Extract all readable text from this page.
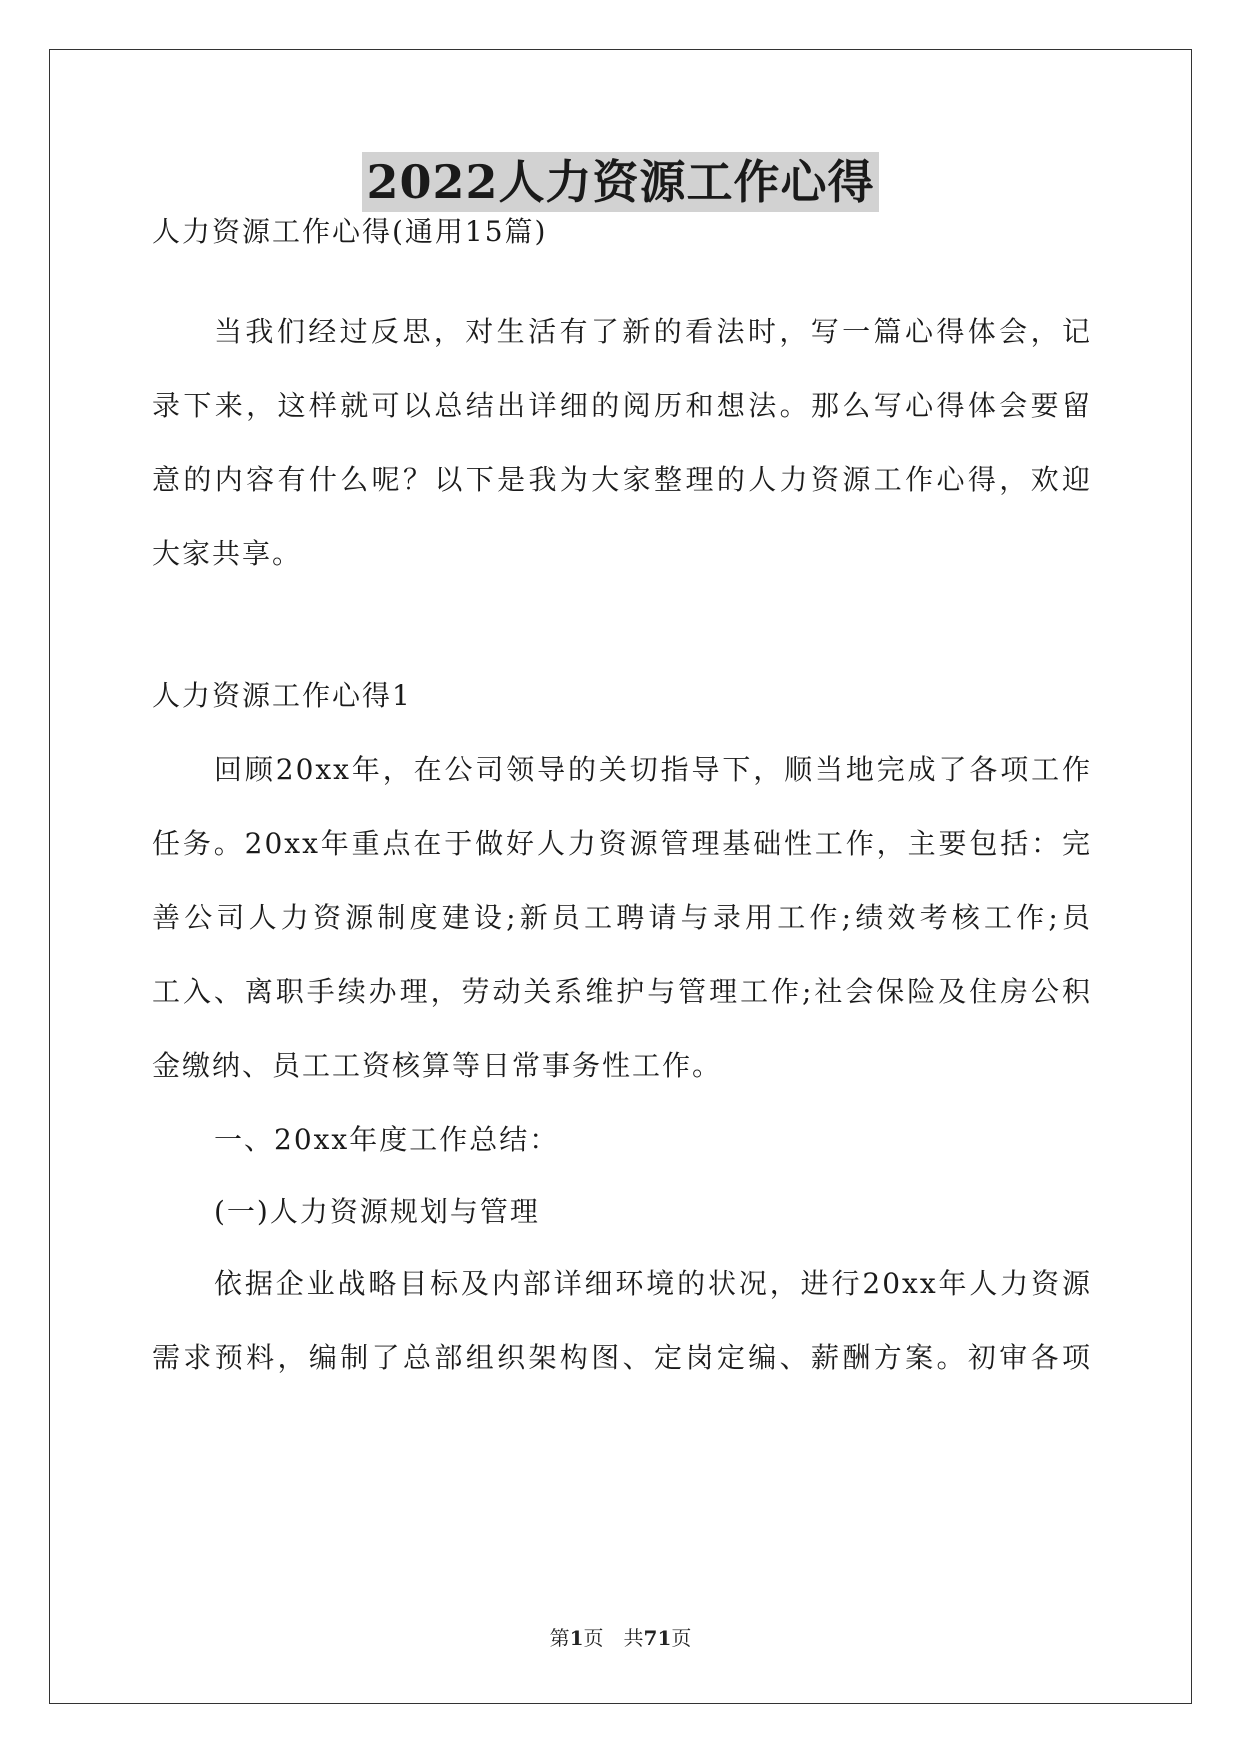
2022人力资源工作心得
人力资源工作心得(通用15篇)
当我们经过反思，对生活有了新的看法时，写一篇心得体会，记
录下来，这样就可以总结出详细的阅历和想法。那么写心得体会要留
意的内容有什么呢？以下是我为大家整理的人力资源工作心得，欢迎
大家共享。
人力资源工作心得1
回顾20xx年，在公司领导的关切指导下，顺当地完成了各项工作
任务。20xx年重点在于做好人力资源管理基础性工作，主要包括：完
善公司人力资源制度建设;新员工聘请与录用工作;绩效考核工作;员
工入、离职手续办理，劳动关系维护与管理工作;社会保险及住房公积
金缴纳、员工工资核算等日常事务性工作。
一、20xx年度工作总结：
(一)人力资源规划与管理
依据企业战略目标及内部详细环境的状况，进行20xx年人力资源
需求预料，编制了总部组织架构图、定岗定编、薪酬方案。初审各项
第1页　共71页
